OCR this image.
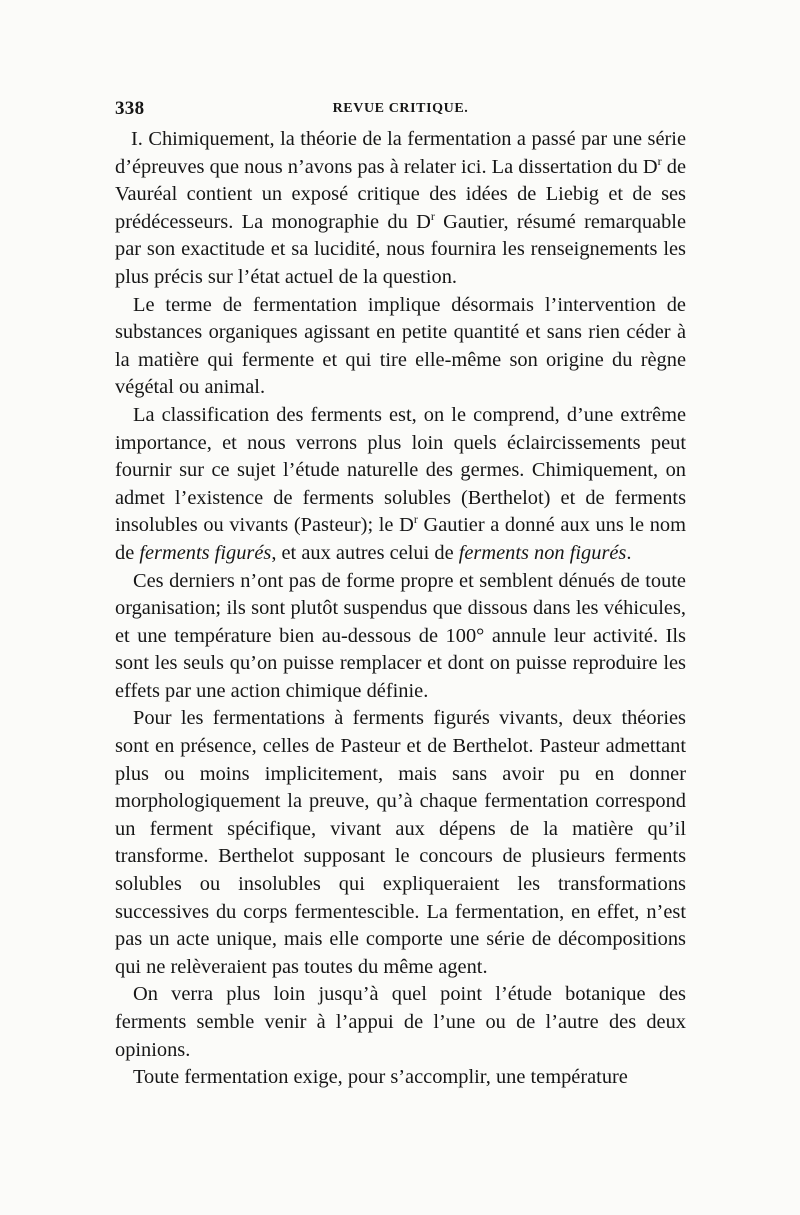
338	REVUE CRITIQUE.

I. Chimiquement, la théorie de la fermentation a passé par une série d’épreuves que nous n’avons pas à relater ici. La dissertation du $D^r$ de Vauréal contient un exposé critique des idées de Liebig et de ses prédécesseurs. La monographie du $D^r$ Gautier, résumé remarquable par son exactitude et sa lucidité, nous fournira les renseignements les plus précis sur l’état actuel de la question.

Le terme de fermentation implique désormais l’intervention de substances organiques agissant en petite quantité et sans rien céder à la matière qui fermente et qui tire elle-même son origine du règne végétal ou animal.

La classification des ferments est, on le comprend, d’une extrême importance, et nous verrons plus loin quels éclaircissements peut fournir sur ce sujet l’étude naturelle des germes. Chimiquement, on admet l’existence de ferments solubles (Berthelot) et de ferments insolubles ou vivants (Pasteur); le $D^r$ Gautier a donné aux uns le nom de ferments figurés, et aux autres celui de ferments non figurés.

Ces derniers n’ont pas de forme propre et semblent dénués de toute organisation; ils sont plutôt suspendus que dissous dans les véhicules, et une température bien au-dessous de 100° annule leur activité. Ils sont les seuls qu’on puisse remplacer et dont on puisse reproduire les effets par une action chimique définie.

Pour les fermentations à ferments figurés vivants, deux théories sont en présence, celles de Pasteur et de Berthelot. Pasteur admettant plus ou moins implicitement, mais sans avoir pu en donner morphologiquement la preuve, qu’à chaque fermentation correspond un ferment spécifique, vivant aux dépens de la matière qu’il transforme. Berthelot supposant le concours de plusieurs ferments solubles ou insolubles qui expliqueraient les transformations successives du corps fermentescible. La fermentation, en effet, n’est pas un acte unique, mais elle comporte une série de décompositions qui ne relèveraient pas toutes du même agent.

On verra plus loin jusqu’à quel point l’étude botanique des ferments semble venir à l’appui de l’une ou de l’autre des deux opinions.

Toute fermentation exige, pour s’accomplir, une température
